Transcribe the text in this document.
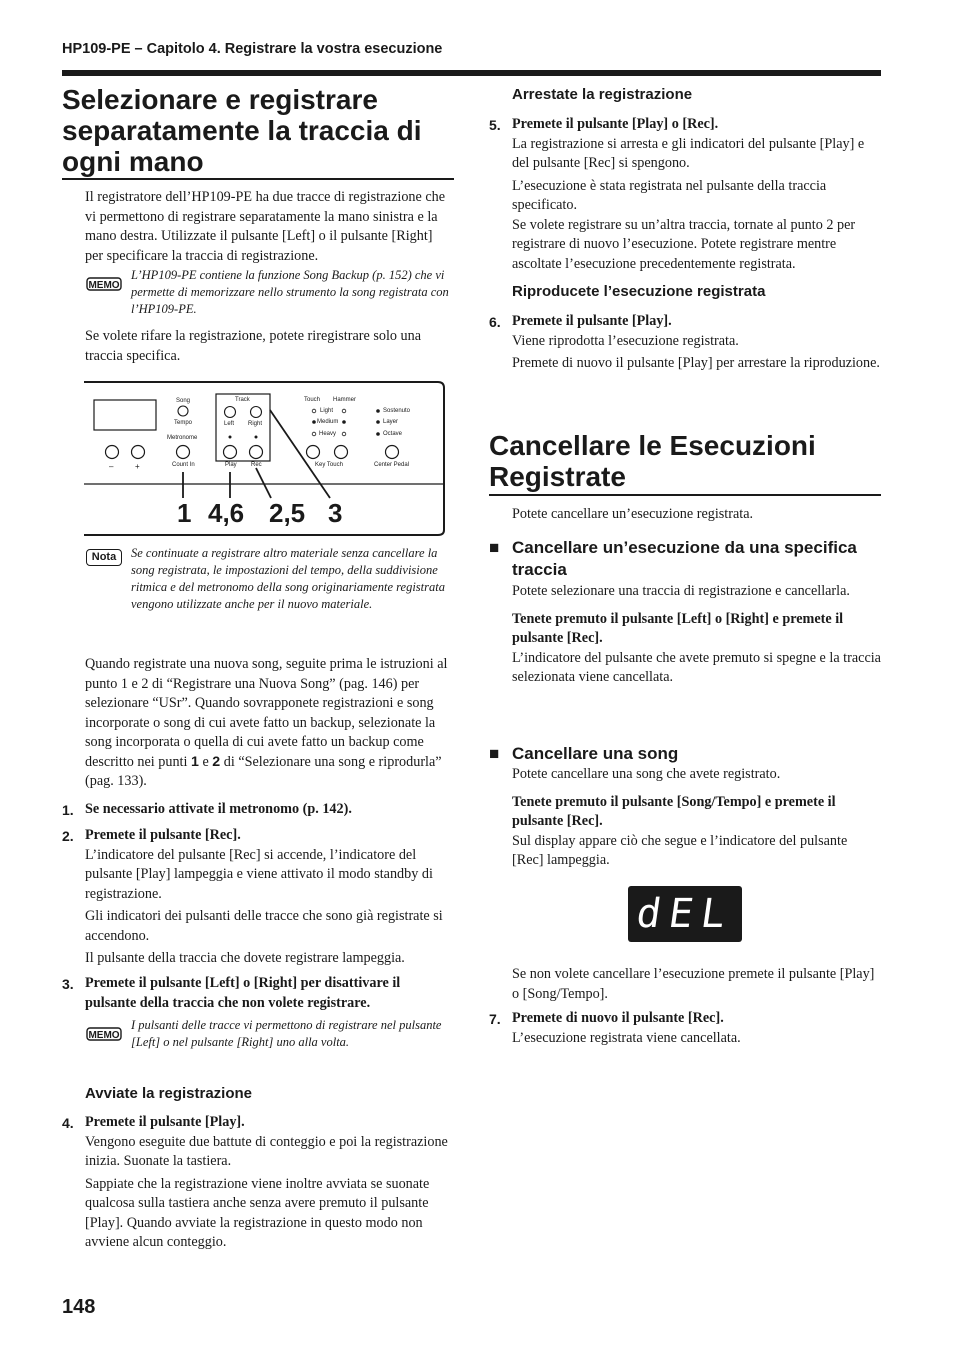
HP109-PE – Capitolo 4. Registrare la vostra esecuzione
Selezionare e registrare
separatamente la traccia di
ogni mano

Il registratore dell’HP109-PE ha due tracce di registrazione che vi permettono di registrare separatamente la mano sinistra e la mano destra. Utilizzate il pulsante [Left] o il pulsante [Right] per specificare la traccia di registrazione.

MEMO

L’HP109-PE contiene la funzione Song Backup (p. 152) che vi permette di memorizzare nello strumento la song registrata con l’HP109-PE.

Se volete rifare la registrazione, potete riregistrare solo una traccia specifica.

Song
Tempo
Metronome
Count In
–	+
Track
Left Right
Play Rec
Touch Hammer
Light
Medium
Heavy
Key Touch
Sostenuto
Layer
Octave
Center Pedal
1 4,6 2,5 3
Nota	Se continuate a registrare altro materiale senza cancellare la song registrata, le impostazioni del tempo, della suddivisione ritmica e del metronomo della song originariamente registrata vengono utilizzate anche per il nuovo materiale.

Quando registrate una nuova song, seguite prima le istruzioni al punto 1 e 2 di “Registrare una Nuova Song” (pag. 146) per selezionare “USr”. Quando sovrapponete registrazioni e song incorporate o song di cui avete fatto un backup, selezionate la song incorporata o quella di cui avete fatto un backup come descritto nei punti 1 e 2 di “Selezionare una song e riprodurla” (pag. 133).

1. Se necessario attivate il metronomo (p. 142).
2. Premete il pulsante [Rec].
L’indicatore del pulsante [Rec] si accende, l’indicatore del pulsante [Play] lampeggia e viene attivato il modo standby di registrazione.
Gli indicatori dei pulsanti delle tracce che sono già registrate si accendono.
Il pulsante della traccia che dovete registrare lampeggia.
3. Premete il pulsante [Left] o [Right] per disattivare il pulsante della traccia che non volete registrare.
MEMO

I pulsanti delle tracce vi permettono di registrare nel pulsante [Left] o nel pulsante [Right] uno alla volta.

Avviate la registrazione
4. Premete il pulsante [Play].
Vengono eseguite due battute di conteggio e poi la registrazione inizia. Suonate la tastiera.
Sappiate che la registrazione viene inoltre avviata se suonate qualcosa sulla tastiera anche senza avere premuto il pulsante [Play]. Quando avviate la registrazione in questo modo non avviene alcun conteggio.
Arrestate la registrazione
5. Premete il pulsante [Play] o [Rec].
La registrazione si arresta e gli indicatori del pulsante [Play] e del pulsante [Rec] si spengono.
L’esecuzione è stata registrata nel pulsante della traccia specificato.
Se volete registrare su un’altra traccia, tornate al punto 2 per registrare di nuovo l’esecuzione. Potete registrare mentre ascoltate l’esecuzione precedentemente registrata.
Riproducete l’esecuzione registrata
6. Premete il pulsante [Play].
Viene riprodotta l’esecuzione registrata.
Premete di nuovo il pulsante [Play] per arrestare la riproduzione.
Cancellare le Esecuzioni
Registrate

Potete cancellare un’esecuzione registrata.

■ Cancellare un’esecuzione da una specifica traccia
Potete selezionare una traccia di registrazione e cancellarla.
Tenete premuto il pulsante [Left] o [Right] e premete il pulsante [Rec].
L’indicatore del pulsante che avete premuto si spegne e la traccia selezionata viene cancellata.
■ Cancellare una song
Potete cancellare una song che avete registrato.
Tenete premuto il pulsante [Song/Tempo] e premete il pulsante [Rec].
Sul display appare ciò che segue e l’indicatore del pulsante [Rec] lampeggia.
dEL

Se non volete cancellare l’esecuzione premete il pulsante [Play] o [Song/Tempo].

7. Premete di nuovo il pulsante [Rec].
L’esecuzione registrata viene cancellata.
148
